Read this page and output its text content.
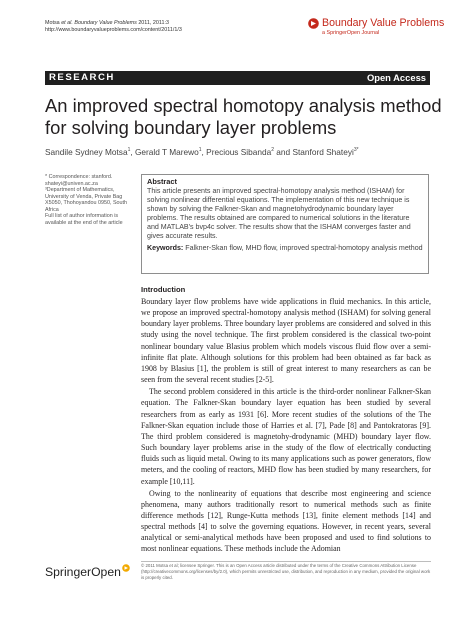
Motsa et al. Boundary Value Problems 2011, 2011:3
http://www.boundaryvalueproblems.com/content/2011/1/3
Boundary Value Problems
a SpringerOpen Journal
RESEARCH	Open Access
An improved spectral homotopy analysis method for solving boundary layer problems
Sandile Sydney Motsa$^1$, Gerald T Marewo$^1$, Precious Sibanda$^2$ and Stanford Shateyi$^{3*}$

* Correspondence: stanford.

shateyi@univen.ac.za

³Department of Mathematics, University of Venda, Private Bag X5050, Thohoyandou 0950, South Africa

Full list of author information is available at the end of the article

Abstract
This article presents an improved spectral-homotopy analysis method (ISHAM) for solving nonlinear differential equations. The implementation of this new technique is shown by solving the Falkner-Skan and magnetohydrodynamic boundary layer problems. The results obtained are compared to numerical solutions in the literature and MATLAB's bvp4c solver. The results show that the ISHAM converges faster and gives accurate results.
Keywords: Falkner-Skan flow, MHD flow, improved spectral-homotopy analysis method
Introduction

Boundary layer flow problems have wide applications in fluid mechanics. In this article, we propose an improved spectral-homotopy analysis method (ISHAM) for solving general boundary layer problems. Three boundary layer problems are considered and solved in this study using the novel technique. The first problem considered is the classical two-point nonlinear boundary value Blasius problem which models viscous fluid flow over a semi-infinite flat plate. Although solutions for this problem had been obtained as far back as 1908 by Blasius [1], the problem is still of great interest to many researchers as can be seen from the several recent studies [2-5].

The second problem considered in this article is the third-order nonlinear Falkner-Skan equation. The Falkner-Skan boundary layer equation has been studied by several researchers from as early as 1931 [6]. More recent studies of the solutions of the The Falkner-Skan equation include those of Harries et al. [7], Pade [8] and Pantokratoras [9]. The third problem considered is magnetohy-drodynamic (MHD) boundary layer flow. Such boundary layer problems arise in the study of the flow of electrically conducting fluids such as liquid metal. Owing to its many applications such as power generators, flow meters, and the cooling of reactors, MHD flow has been studied by many researchers, for example [10,11].

Owing to the nonlinearity of equations that describe most engineering and science phenomena, many authors traditionally resort to numerical methods such as finite difference methods [12], Runge-Kutta methods [13], finite element methods [14] and spectral methods [4] to solve the governing equations. However, in recent years, several analytical or semi-analytical methods have been proposed and used to find solutions to most nonlinear equations. These methods include the Adomian

© 2011 Motsa et al; licensee Springer. This is an Open Access article distributed under the terms of the Creative Commons Attribution License (http://creativecommons.org/licenses/by/2.0), which permits unrestricted use, distribution, and reproduction in any medium, provided the original work is properly cited.
SpringerOpen
